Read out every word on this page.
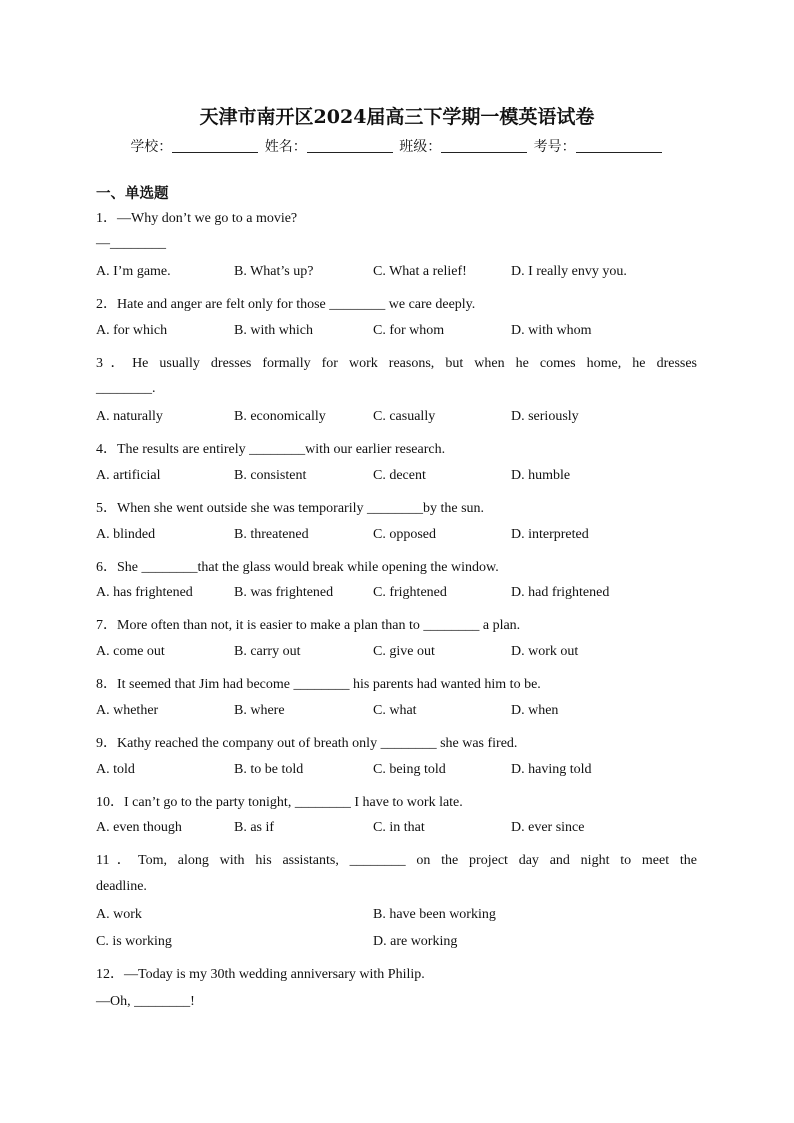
天津市南开区2024届高三下学期一模英语试卷
学校：	姓名：	班级：	考号：
一、单选题
1．—Why don’t we go to a movie?
—________
A. I’m game.	B. What’s up?	C. What a relief!	D. I really envy you.
2．Hate and anger are felt only for those ________ we care deeply.
A. for which	B. with which	C. for whom	D. with whom
3．He usually dresses formally for work reasons, but when he comes home, he dresses
________.
A. naturally	B. economically	C. casually	D. seriously
4．The results are entirely ________with our earlier research.
A. artificial	B. consistent	C. decent	D. humble
5．When she went outside she was temporarily ________by the sun.
A. blinded	B. threatened	C. opposed	D. interpreted
6．She ________that the glass would break while opening the window.
A. has frightened	B. was frightened	C. frightened	D. had frightened
7．More often than not, it is easier to make a plan than to ________ a plan.
A. come out	B. carry out	C. give out	D. work out
8．It seemed that Jim had become ________ his parents had wanted him to be.
A. whether	B. where	C. what	D. when
9．Kathy reached the company out of breath only ________ she was fired.
A. told	B. to be told	C. being told	D. having told
10．I can’t go to the party tonight, ________ I have to work late.
A. even though	B. as if	C. in that	D. ever since
11．Tom, along with his assistants, ________ on the project day and night to meet the
deadline.
A. work	B. have been working
C. is working	D. are working
12．—Today is my 30th wedding anniversary with Philip.
—Oh, ________!
